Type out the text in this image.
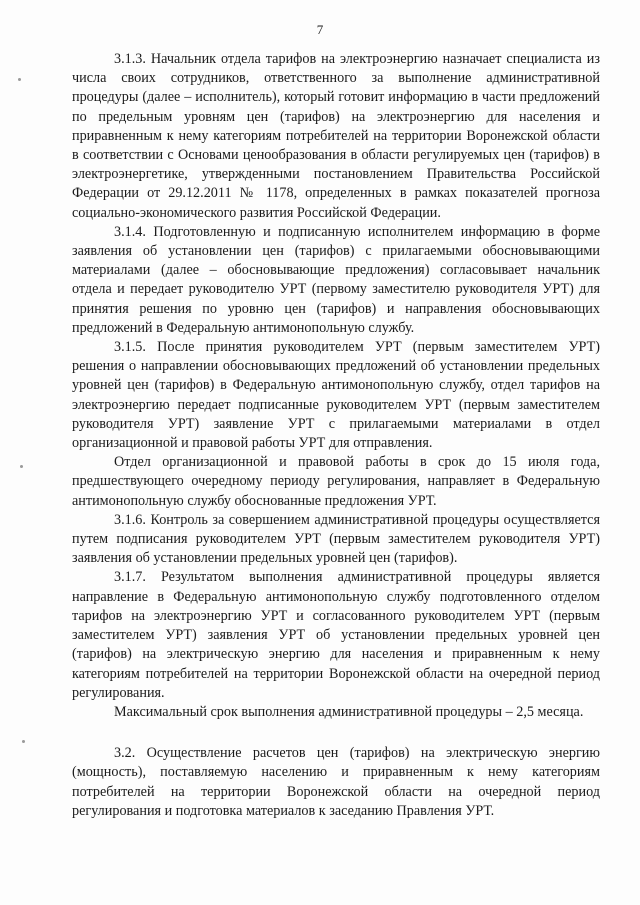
7

3.1.3. Начальник отдела тарифов на электроэнергию назначает специалиста из числа своих сотрудников, ответственного за выполнение административной процедуры (далее – исполнитель), который готовит информацию в части предложений по предельным уровням цен (тарифов) на электроэнергию для населения и приравненным к нему категориям потребителей на территории Воронежской области в соответствии с Основами ценообразования в области регулируемых цен (тарифов) в электроэнергетике, утвержденными постановлением Правительства Российской Федерации от 29.12.2011 № 1178, определенных в рамках показателей прогноза социально-экономического развития Российской Федерации.

3.1.4. Подготовленную и подписанную исполнителем информацию в форме заявления об установлении цен (тарифов) с прилагаемыми обосновывающими материалами (далее – обосновывающие предложения) согласовывает начальник отдела и передает руководителю УРТ (первому заместителю руководителя УРТ) для принятия решения по уровню цен (тарифов) и направления обосновывающих предложений в Федеральную антимонопольную службу.

3.1.5. После принятия руководителем УРТ (первым заместителем УРТ) решения о направлении обосновывающих предложений об установлении предельных уровней цен (тарифов) в Федеральную антимонопольную службу, отдел тарифов на электроэнергию передает подписанные руководителем УРТ (первым заместителем руководителя УРТ) заявление УРТ с прилагаемыми материалами в отдел организационной и правовой работы УРТ для отправления.

Отдел организационной и правовой работы в срок до 15 июля года, предшествующего очередному периоду регулирования, направляет в Федеральную антимонопольную службу обоснованные предложения УРТ.

3.1.6. Контроль за совершением административной процедуры осуществляется путем подписания руководителем УРТ (первым заместителем руководителя УРТ) заявления об установлении предельных уровней цен (тарифов).

3.1.7. Результатом выполнения административной процедуры является направление в Федеральную антимонопольную службу подготовленного отделом тарифов на электроэнергию УРТ и согласованного руководителем УРТ (первым заместителем УРТ) заявления УРТ об установлении предельных уровней цен (тарифов) на электрическую энергию для населения и приравненным к нему категориям потребителей на территории Воронежской области на очередной период регулирования.

Максимальный срок выполнения административной процедуры – 2,5 месяца.

3.2. Осуществление расчетов цен (тарифов) на электрическую энергию (мощность), поставляемую населению и приравненным к нему категориям потребителей на территории Воронежской области на очередной период регулирования и подготовка материалов к заседанию Правления УРТ.
